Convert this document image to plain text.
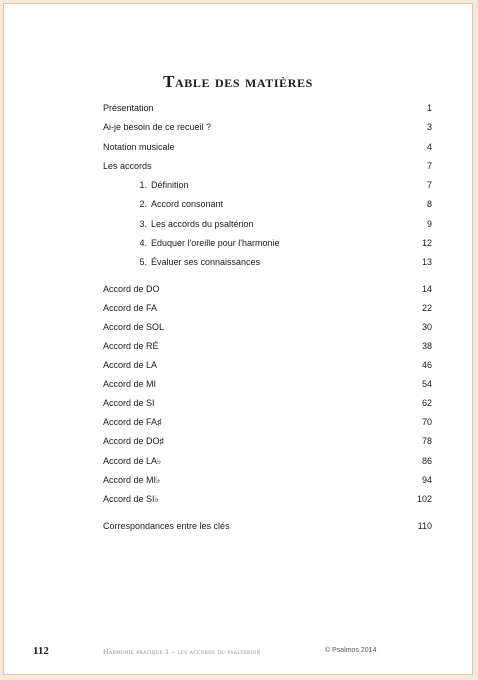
Table des matières
Présentation	1
Ai-je besoin de ce recueil ?	3
Notation musicale	4
Les accords	7
1. Définition	7
2. Accord consonant	8
3. Les accords du psaltérion	9
4. Eduquer l'oreille pour l'harmonie	12
5. Évaluer ses connaissances	13
Accord de DO	14
Accord de FA	22
Accord de SOL	30
Accord de RÉ	38
Accord de LA	46
Accord de MI	54
Accord de SI	62
Accord de FA♯	70
Accord de DO♯	78
Accord de LA♭	86
Accord de MI♭	94
Accord de SI♭	102
Correspondances entre les clés	110
112	Harmonie pratique 1 – les accords du psaltérion	© Psalmos 2014
